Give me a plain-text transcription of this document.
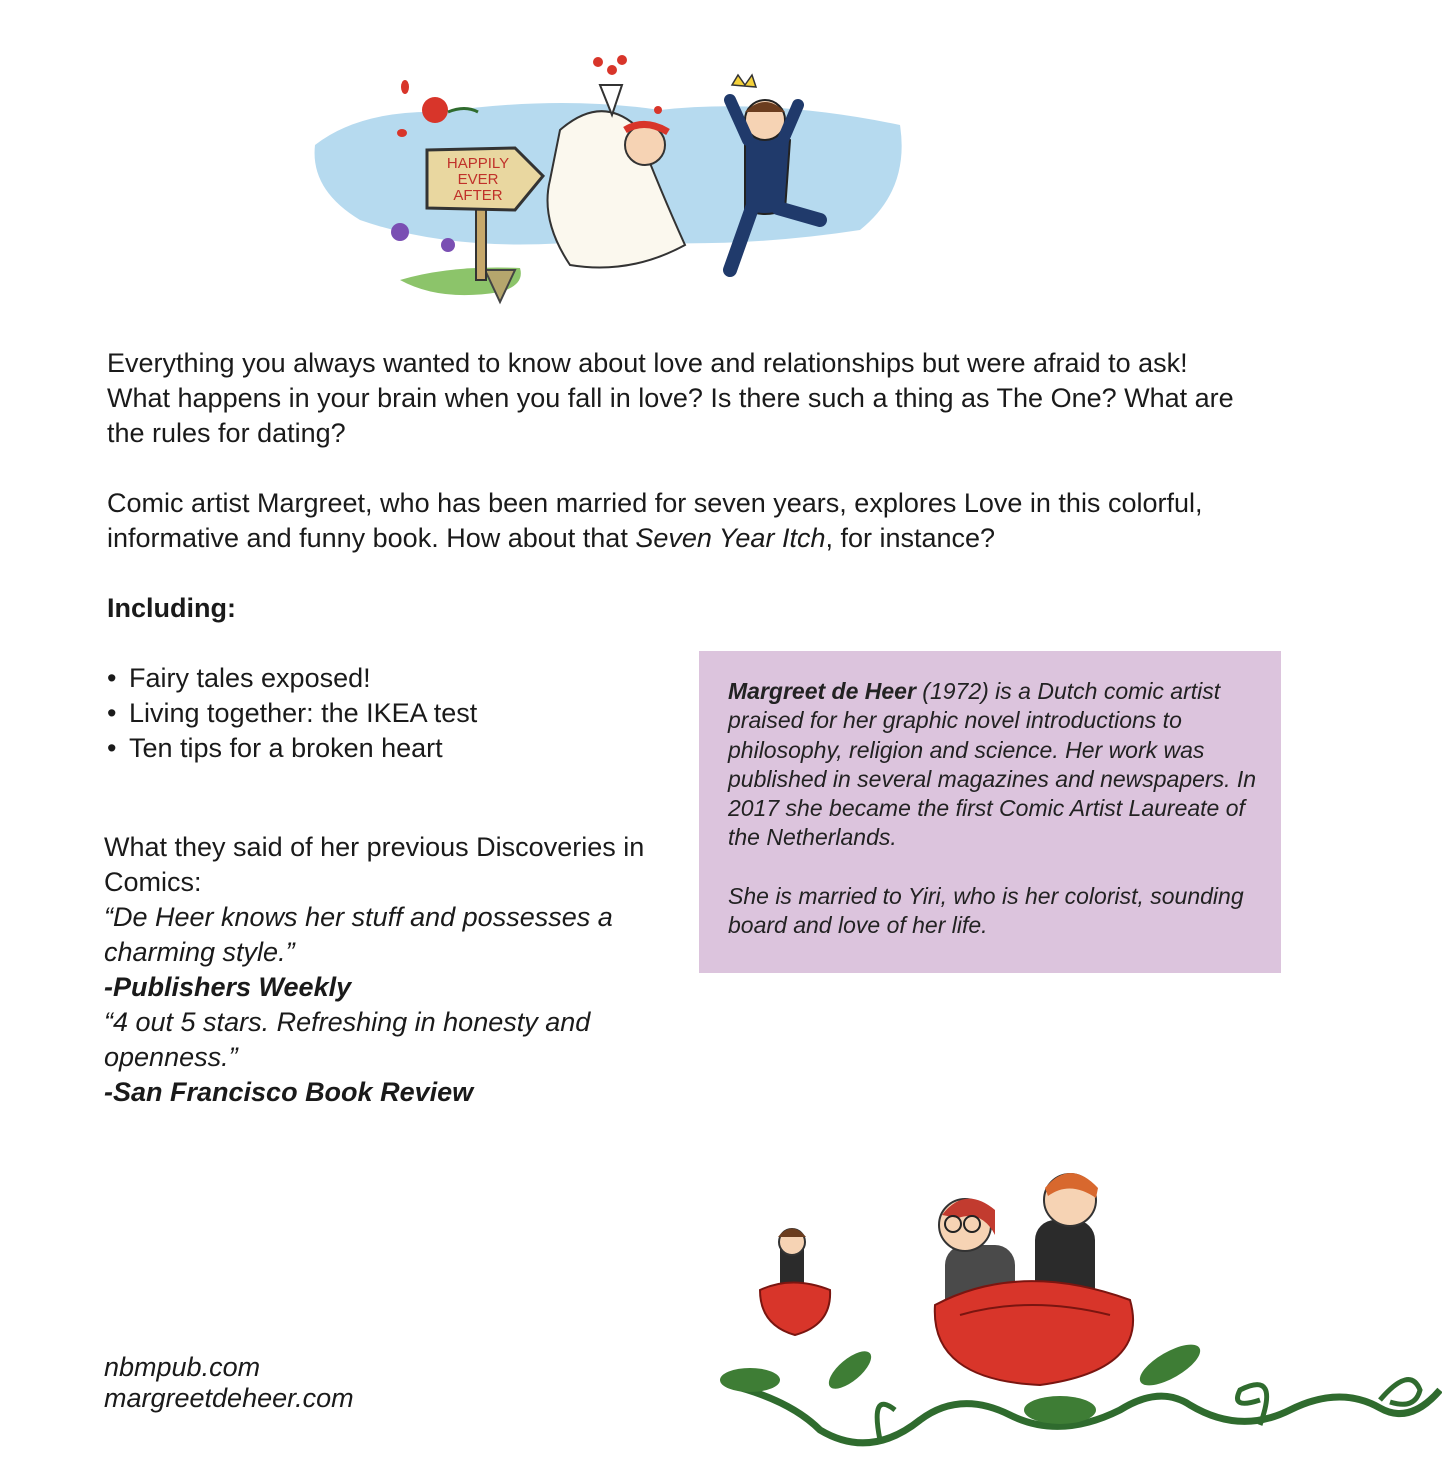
HAPPILY
EVER
AFTER

Everything you always wanted to know about love and relationships but were afraid to ask! What happens in your brain when you fall in love? Is there such a thing as The One? What are the rules for dating?

Comic artist Margreet, who has been married for seven years, explores Love in this colorful, informative and funny book. How about that Seven Year Itch, for instance?

Including:
• Fairy tales exposed!
• Living together: the IKEA test
• Ten tips for a broken heart
What they said of her previous Discoveries in Comics:
“De Heer knows her stuff and possesses a charming style.”
-Publishers Weekly
“4 out 5 stars. Refreshing in honesty and openness.”
-San Francisco Book Review

Margreet de Heer (1972) is a Dutch comic artist praised for her graphic novel introductions to philosophy, religion and science. Her work was published in several magazines and newspapers. In 2017 she became the first Comic Artist Laureate of the Netherlands.

She is married to Yiri, who is her colorist, sounding board and love of her life.

nbmpub.com
margreetdeheer.com
